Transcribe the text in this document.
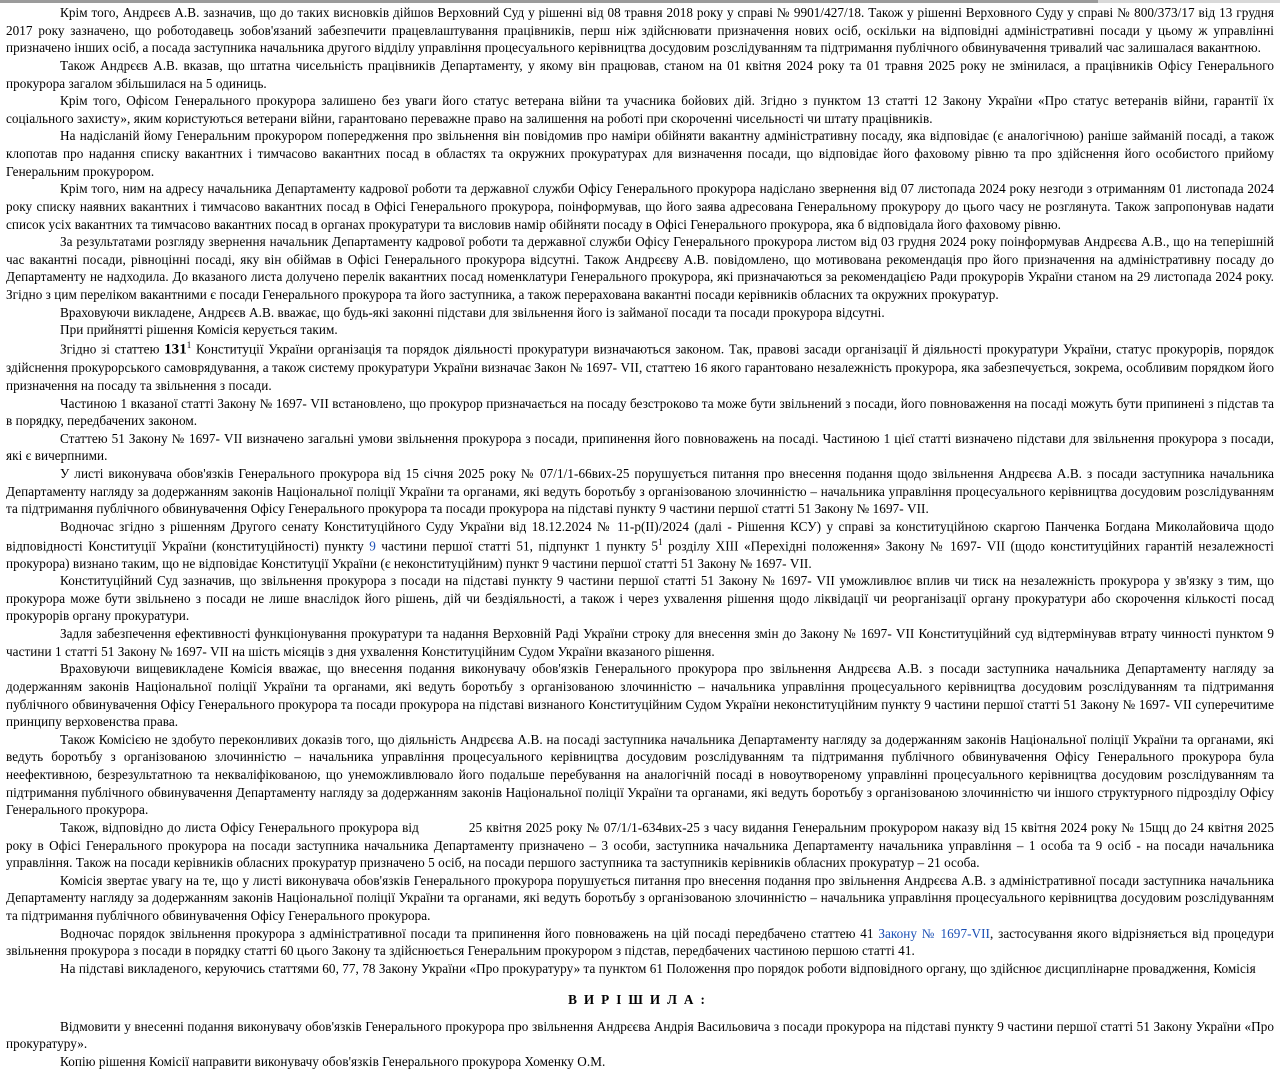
Крім того, Андрєєв А.В. зазначив, що до таких висновків дійшов Верховний Суд у рішенні від 08 травня 2018 року у справі № 9901/427/18. Також у рішенні Верховного Суду у справі № 800/373/17 від 13 грудня 2017 року зазначено, що роботодавець зобов'язаний забезпечити працевлаштування працівників, перш ніж здійснювати призначення нових осіб, оскільки на відповідні адміністративні посади у цьому ж управлінні призначено інших осіб, а посада заступника начальника другого відділу управління процесуального керівництва досудовим розслідуванням та підтримання публічного обвинувачення тривалий час залишалася вакантною.

Також Андрєєв А.В. вказав, що штатна чисельність працівників Департаменту, у якому він працював, станом на 01 квітня 2024 року та 01 травня 2025 року не змінилася, а працівників Офісу Генерального прокурора загалом збільшилася на 5 одиниць.

Крім того, Офісом Генерального прокурора залишено без уваги його статус ветерана війни та учасника бойових дій. Згідно з пунктом 13 статті 12 Закону України «Про статус ветеранів війни, гарантії їх соціального захисту», яким користуються ветерани війни, гарантовано переважне право на залишення на роботі при скороченні чисельності чи штату працівників.

На надісланій йому Генеральним прокурором попередження про звільнення він повідомив про наміри обійняти вакантну адміністративну посаду, яка відповідає (є аналогічною) раніше займаній посаді, а також клопотав про надання списку вакантних і тимчасово вакантних посад в областях та окружних прокуратурах для визначення посади, що відповідає його фаховому рівню та про здійснення його особистого прийому Генеральним прокурором.

Крім того, ним на адресу начальника Департаменту кадрової роботи та державної служби Офісу Генерального прокурора надіслано звернення від 07 листопада 2024 року незгоди з отриманням 01 листопада 2024 року списку наявних вакантних і тимчасово вакантних посад в Офісі Генерального прокурора, поінформував, що його заява адресована Генеральному прокурору до цього часу не розглянута. Також запропонував надати список усіх вакантних та тимчасово вакантних посад в органах прокуратури та висловив намір обійняти посаду в Офісі Генерального прокурора, яка б відповідала його фаховому рівню.

За результатами розгляду звернення начальник Департаменту кадрової роботи та державної служби Офісу Генерального прокурора листом від 03 грудня 2024 року поінформував Андрєєва А.В., що на теперішній час вакантні посади, рівноцінні посаді, яку він обіймав в Офісі Генерального прокурора відсутні. Також Андрєєву А.В. повідомлено, що мотивована рекомендація про його призначення на адміністративну посаду до Департаменту не надходила. До вказаного листа долучено перелік вакантних посад номенклатури Генерального прокурора, які призначаються за рекомендацією Ради прокурорів України станом на 29 листопада 2024 року. Згідно з цим переліком вакантними є посади Генерального прокурора та його заступника, а також перерахована вакантні посади керівників обласних та окружних прокуратур.

Враховуючи викладене, Андрєєв А.В. вважає, що будь-які законні підстави для звільнення його із займаної посади та посади прокурора відсутні.

При прийнятті рішення Комісія керується таким.

Згідно зі статтею $131^1$ Конституції України організація та порядок діяльності прокуратури визначаються законом. Так, правові засади організації й діяльності прокуратури України, статус прокурорів, порядок здійснення прокурорського самоврядування, а також систему прокуратури України визначає Закон № 1697- VII, статтею 16 якого гарантовано незалежність прокурора, яка забезпечується, зокрема, особливим порядком його призначення на посаду та звільнення з посади.

Частиною 1 вказаної статті Закону № 1697- VII встановлено, що прокурор призначається на посаду безстроково та може бути звільнений з посади, його повноваження на посаді можуть бути припинені з підстав та в порядку, передбачених законом.

Статтею 51 Закону № 1697- VII визначено загальні умови звільнення прокурора з посади, припинення його повноважень на посаді. Частиною 1 цієї статті визначено підстави для звільнення прокурора з посади, які є вичерпними.

У листі виконувача обов'язків Генерального прокурора від 15 січня 2025 року № 07/1/1-66вих-25 порушується питання про внесення подання щодо звільнення Андрєєва А.В. з посади заступника начальника Департаменту нагляду за додержанням законів Національної поліції України та органами, які ведуть боротьбу з організованою злочинністю – начальника управління процесуального керівництва досудовим розслідуванням та підтримання публічного обвинувачення Офісу Генерального прокурора та посади прокурора на підставі пункту 9 частини першої статті 51 Закону № 1697- VII.

Водночас згідно з рішенням Другого сенату Конституційного Суду України від 18.12.2024 № 11-р(II)/2024 (далі - Рішення КСУ) у справі за конституційною скаргою Панченка Богдана Миколайовича щодо відповідності Конституції України (конституційності) пункту 9 частини першої статті 51, підпункт 1 пункту $5^1$ розділу XIII «Перехідні положення» Закону № 1697- VII (щодо конституційних гарантій незалежності прокурора) визнано таким, що не відповідає Конституції України (є неконституційним) пункт 9 частини першої статті 51 Закону № 1697- VII.

Конституційний Суд зазначив, що звільнення прокурора з посади на підставі пункту 9 частини першої статті 51 Закону № 1697- VII уможливлює вплив чи тиск на незалежність прокурора у зв'язку з тим, що прокурора може бути звільнено з посади не лише внаслідок його рішень, дій чи бездіяльності, а також і через ухвалення рішення щодо ліквідації чи реорганізації органу прокуратури або скорочення кількості посад прокурорів органу прокуратури.

Задля забезпечення ефективності функціонування прокуратури та надання Верховній Раді України строку для внесення змін до Закону № 1697- VII Конституційний суд відтермінував втрату чинності пунктом 9 частини 1 статті 51 Закону № 1697- VII на шість місяців з дня ухвалення Конституційним Судом України вказаного рішення.

Враховуючи вищевикладене Комісія вважає, що внесення подання виконувачу обов'язків Генерального прокурора про звільнення Андрєєва А.В. з посади заступника начальника Департаменту нагляду за додержанням законів Національної поліції України та органами, які ведуть боротьбу з організованою злочинністю – начальника управління процесуального керівництва досудовим розслідуванням та підтримання публічного обвинувачення Офісу Генерального прокурора та посади прокурора на підставі визнаного Конституційним Судом України неконституційним пункту 9 частини першої статті 51 Закону № 1697- VII суперечитиме принципу верховенства права.

Також Комісією не здобуто переконливих доказів того, що діяльність Андрєєва А.В. на посаді заступника начальника Департаменту нагляду за додержанням законів Національної поліції України та органами, які ведуть боротьбу з організованою злочинністю – начальника управління процесуального керівництва досудовим розслідуванням та підтримання публічного обвинувачення Офісу Генерального прокурора була неефективною, безрезультатною та некваліфікованою, що унеможливлювало його подальше перебування на аналогічній посаді в новоутвореному управлінні процесуального керівництва досудовим розслідуванням та підтримання публічного обвинувачення Департаменту нагляду за додержанням законів Національної поліції України та органами, які ведуть боротьбу з організованою злочинністю чи іншого структурного підрозділу Офісу Генерального прокурора.

Також, відповідно до листа Офісу Генерального прокурора від	25 квітня 2025 року № 07/1/1-634вих-25 з часу видання Генеральним прокурором наказу від 15 квітня 2024 року № 15щц до 24 квітня 2025 року в Офісі Генерального прокурора на посади заступника начальника Департаменту призначено – 3 особи, заступника начальника Департаменту начальника управління – 1 особа та 9 осіб - на посади начальника управління. Також на посади керівників обласних прокуратур призначено 5 осіб, на посади першого заступника та заступників керівників обласних прокуратур – 21 особа.

Комісія звертає увагу на те, що у листі виконувача обов'язків Генерального прокурора порушується питання про внесення подання про звільнення Андрєєва А.В. з адміністративної посади заступника начальника Департаменту нагляду за додержанням законів Національної поліції України та органами, які ведуть боротьбу з організованою злочинністю – начальника управління процесуального керівництва досудовим розслідуванням та підтримання публічного обвинувачення Офісу Генерального прокурора.

Водночас порядок звільнення прокурора з адміністративної посади та припинення його повноважень на цій посаді передбачено статтею 41 Закону № 1697-VII, застосування якого відрізняється від процедури звільнення прокурора з посади в порядку статті 60 цього Закону та здійснюється Генеральним прокурором з підстав, передбачених частиною першою статті 41.

На підставі викладеного, керуючись статтями 60, 77, 78 Закону України «Про прокуратуру» та пунктом 61 Положення про порядок роботи відповідного органу, що здійснює дисциплінарне провадження, Комісія

ВИРІШИЛА:

Відмовити у внесенні подання виконувачу обов'язків Генерального прокурора про звільнення Андрєєва Андрія Васильовича з посади прокурора на підставі пункту 9 частини першої статті 51 Закону України «Про прокуратуру».

Копію рішення Комісії направити виконувачу обов'язків Генерального прокурора Хоменку О.М.
